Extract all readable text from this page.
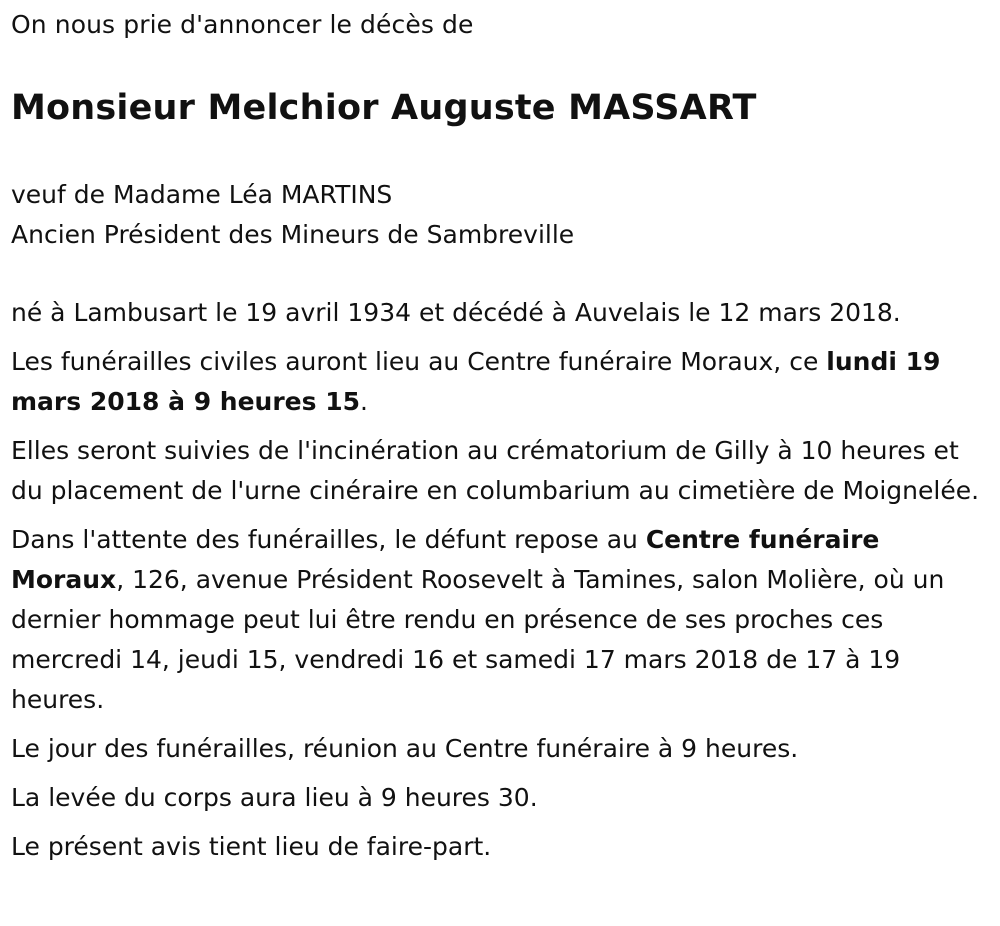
On nous prie d'annoncer le décès de

Monsieur Melchior Auguste MASSART
veuf de Madame Léa MARTINS
Ancien Président des Mineurs de Sambreville

né à Lambusart le 19 avril 1934 et décédé à Auvelais le 12 mars 2018.

Les funérailles civiles auront lieu au Centre funéraire Moraux, ce lundi 19 mars 2018 à 9 heures 15.

Elles seront suivies de l'incinération au crématorium de Gilly à 10 heures et du placement de l'urne cinéraire en columbarium au cimetière de Moignelée.

Dans l'attente des funérailles, le défunt repose au Centre funéraire Moraux, 126, avenue Président Roosevelt à Tamines, salon Molière, où un dernier hommage peut lui être rendu en présence de ses proches ces mercredi 14, jeudi 15, vendredi 16 et samedi 17 mars 2018 de 17 à 19 heures.

Le jour des funérailles, réunion au Centre funéraire à 9 heures.

La levée du corps aura lieu à 9 heures 30.

Le présent avis tient lieu de faire-part.
